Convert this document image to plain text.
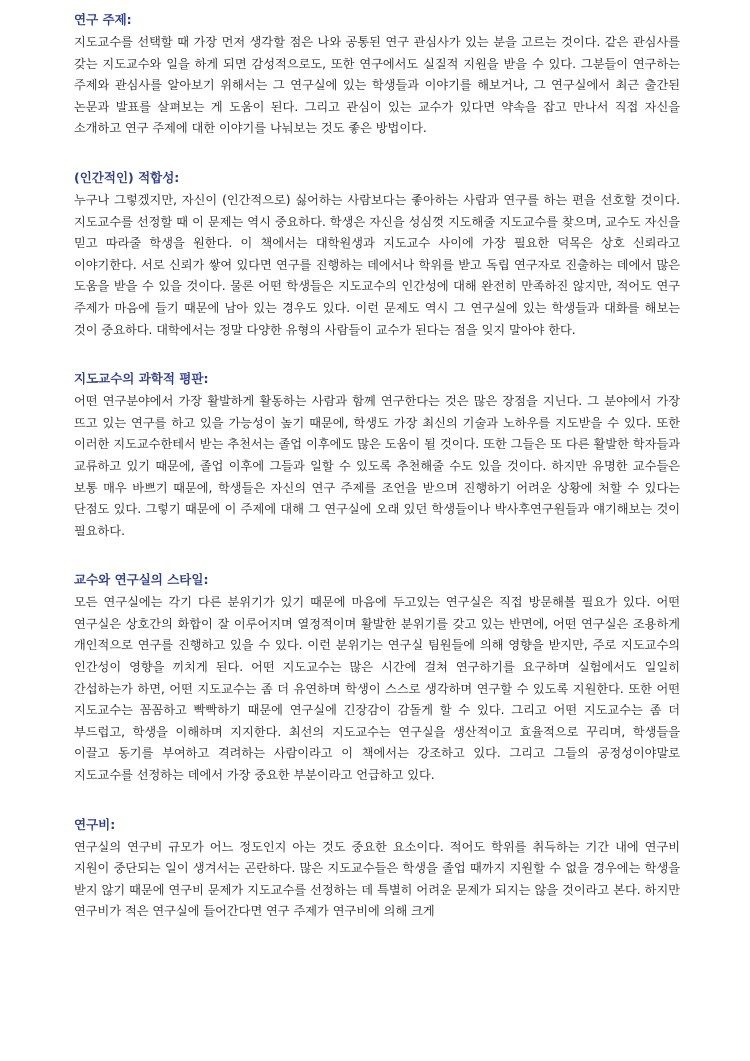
연구 주제:

지도교수를 선택할 때 가장 먼저 생각할 점은 나와 공통된 연구 관심사가 있는 분을 고르는 것이다. 같은 관심사를 갖는 지도교수와 일을 하게 되면 감성적으로도, 또한 연구에서도 실질적 지원을 받을 수 있다. 그분들이 연구하는 주제와 관심사를 알아보기 위해서는 그 연구실에 있는 학생들과 이야기를 해보거나, 그 연구실에서 최근 출간된 논문과 발표를 살펴보는 게 도움이 된다. 그리고 관심이 있는 교수가 있다면 약속을 잡고 만나서 직접 자신을 소개하고 연구 주제에 대한 이야기를 나눠보는 것도 좋은 방법이다.

(인간적인) 적합성:

누구나 그렇겠지만, 자신이 (인간적으로) 싫어하는 사람보다는 좋아하는 사람과 연구를 하는 편을 선호할 것이다. 지도교수를 선정할 때 이 문제는 역시 중요하다. 학생은 자신을 성심껏 지도해줄 지도교수를 찾으며, 교수도 자신을 믿고 따라줄 학생을 원한다. 이 책에서는 대학원생과 지도교수 사이에 가장 필요한 덕목은 상호 신뢰라고 이야기한다. 서로 신뢰가 쌓여 있다면 연구를 진행하는 데에서나 학위를 받고 독립 연구자로 진출하는 데에서 많은 도움을 받을 수 있을 것이다. 물론 어떤 학생들은 지도교수의 인간성에 대해 완전히 만족하진 않지만, 적어도 연구 주제가 마음에 들기 때문에 남아 있는 경우도 있다. 이런 문제도 역시 그 연구실에 있는 학생들과 대화를 해보는 것이 중요하다. 대학에서는 정말 다양한 유형의 사람들이 교수가 된다는 점을 잊지 말아야 한다.

지도교수의 과학적 평판:

어떤 연구분야에서 가장 활발하게 활동하는 사람과 함께 연구한다는 것은 많은 장점을 지닌다. 그 분야에서 가장 뜨고 있는 연구를 하고 있을 가능성이 높기 때문에, 학생도 가장 최신의 기술과 노하우를 지도받을 수 있다. 또한 이러한 지도교수한테서 받는 추천서는 졸업 이후에도 많은 도움이 될 것이다. 또한 그들은 또 다른 활발한 학자들과 교류하고 있기 때문에, 졸업 이후에 그들과 일할 수 있도록 추천해줄 수도 있을 것이다. 하지만 유명한 교수들은 보통 매우 바쁘기 때문에, 학생들은 자신의 연구 주제를 조언을 받으며 진행하기 어려운 상황에 처할 수 있다는 단점도 있다. 그렇기 때문에 이 주제에 대해 그 연구실에 오래 있던 학생들이나 박사후연구원들과 얘기해보는 것이 필요하다.

교수와 연구실의 스타일:

모든 연구실에는 각기 다른 분위기가 있기 때문에 마음에 두고있는 연구실은 직접 방문해볼 필요가 있다. 어떤 연구실은 상호간의 화합이 잘 이루어지며 열정적이며 활발한 분위기를 갖고 있는 반면에, 어떤 연구실은 조용하게 개인적으로 연구를 진행하고 있을 수 있다. 이런 분위기는 연구실 팀원들에 의해 영향을 받지만, 주로 지도교수의 인간성이 영향을 끼치게 된다. 어떤 지도교수는 많은 시간에 걸쳐 연구하기를 요구하며 실험에서도 일일히 간섭하는가 하면, 어떤 지도교수는 좀 더 유연하며 학생이 스스로 생각하며 연구할 수 있도록 지원한다. 또한 어떤 지도교수는 꼼꼼하고 빡빡하기 때문에 연구실에 긴장감이 감돌게 할 수 있다. 그리고 어떤 지도교수는 좀 더 부드럽고, 학생을 이해하며 지지한다. 최선의 지도교수는 연구실을 생산적이고 효율적으로 꾸리며, 학생들을 이끌고 동기를 부여하고 격려하는 사람이라고 이 책에서는 강조하고 있다. 그리고 그들의 공정성이야말로 지도교수를 선정하는 데에서 가장 중요한 부분이라고 언급하고 있다.

연구비:

연구실의 연구비 규모가 어느 정도인지 아는 것도 중요한 요소이다. 적어도 학위를 취득하는 기간 내에 연구비 지원이 중단되는 일이 생겨서는 곤란하다. 많은 지도교수들은 학생을 졸업 때까지 지원할 수 없을 경우에는 학생을 받지 않기 때문에 연구비 문제가 지도교수를 선정하는 데 특별히 어려운 문제가 되지는 않을 것이라고 본다. 하지만 연구비가 적은 연구실에 들어간다면 연구 주제가 연구비에 의해 크게
